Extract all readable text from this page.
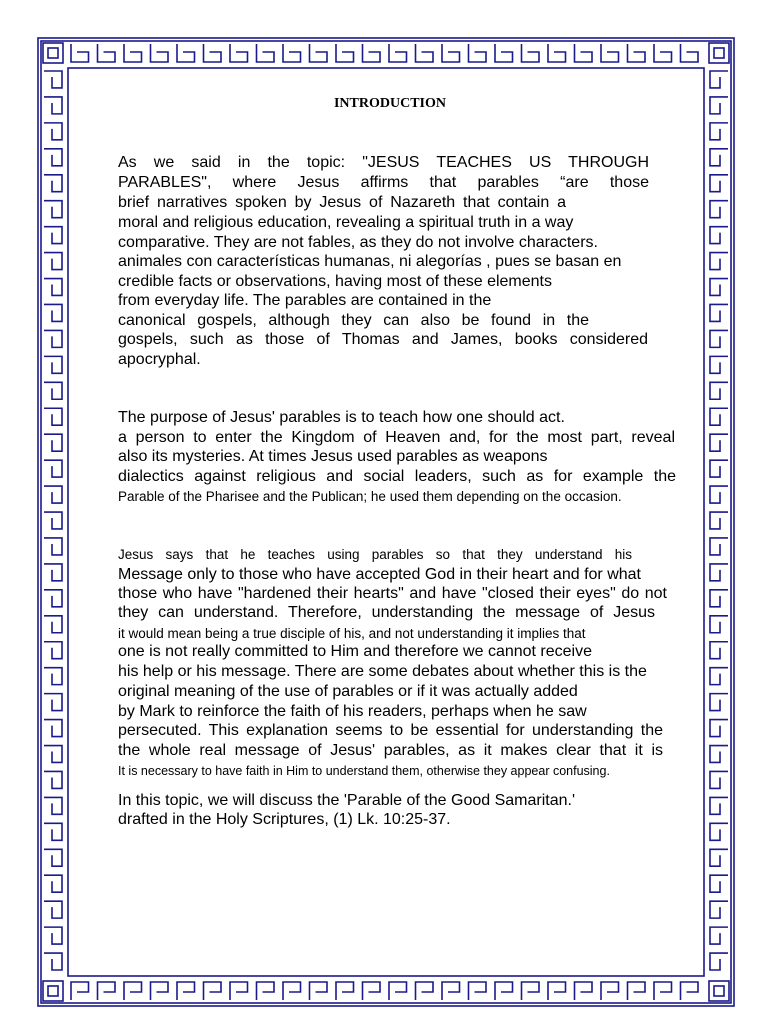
INTRODUCTION
As we said in the topic: "JESUS TEACHES US THROUGH
PARABLES", where Jesus affirms that parables “are those
brief narratives spoken by Jesus of Nazareth that contain a
moral and religious education, revealing a spiritual truth in a way
comparative. They are not fables, as they do not involve characters.
animales con características humanas, ni alegorías , pues se basan en
credible facts or observations, having most of these elements
from everyday life. The parables are contained in the
canonical gospels, although they can also be found in the
gospels, such as those of Thomas and James, books considered
apocryphal.
The purpose of Jesus' parables is to teach how one should act.
a person to enter the Kingdom of Heaven and, for the most part, reveal
also its mysteries. At times Jesus used parables as weapons
dialectics against religious and social leaders, such as for example the
Parable of the Pharisee and the Publican; he used them depending on the occasion.
Jesus says that he teaches using parables so that they understand his
Message only to those who have accepted God in their heart and for what
those who have "hardened their hearts" and have "closed their eyes" do not
they can understand. Therefore, understanding the message of Jesus
it would mean being a true disciple of his, and not understanding it implies that
one is not really committed to Him and therefore we cannot receive
his help or his message. There are some debates about whether this is the
original meaning of the use of parables or if it was actually added
by Mark to reinforce the faith of his readers, perhaps when he saw
persecuted. This explanation seems to be essential for understanding the
the whole real message of Jesus' parables, as it makes clear that it is
It is necessary to have faith in Him to understand them, otherwise they appear confusing.
In this topic, we will discuss the 'Parable of the Good Samaritan.'
drafted in the Holy Scriptures, (1) Lk. 10:25-37.
